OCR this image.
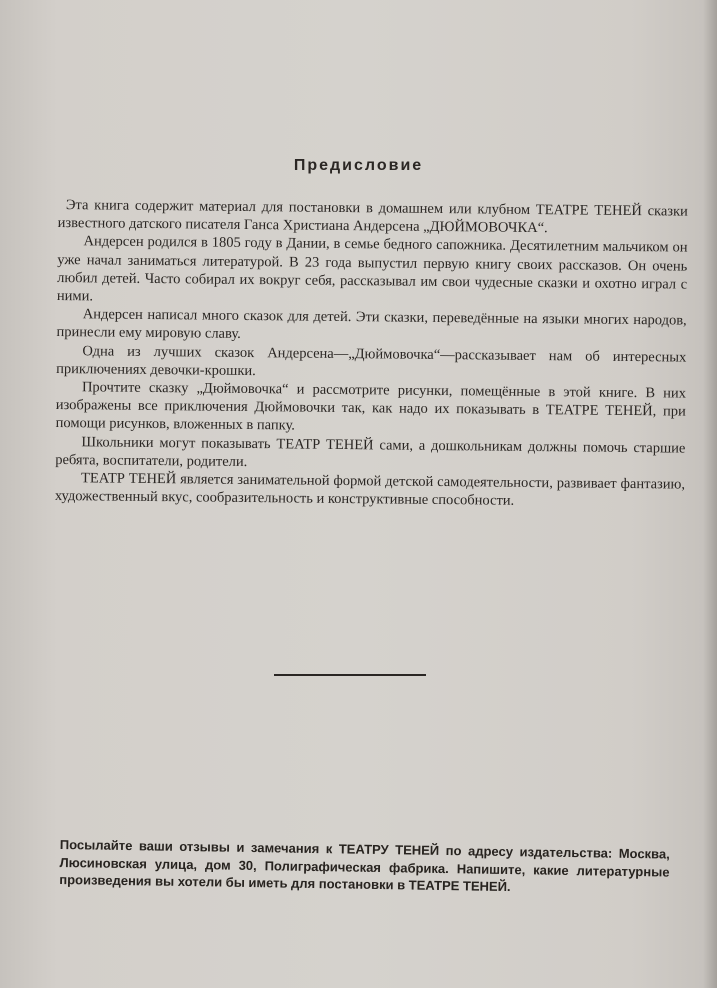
Предисловие

Эта книга содержит материал для постановки в домашнем или клубном ТЕАТРЕ ТЕНЕЙ сказки известного датского писателя Ганса Христиана Андерсена „ДЮЙМОВОЧКА“.

Андерсен родился в 1805 году в Дании, в семье бедного сапожника. Десятилетним мальчиком он уже начал заниматься литературой. В 23 года выпустил первую книгу своих рассказов. Он очень любил детей. Часто собирал их вокруг себя, рассказывал им свои чудесные сказки и охотно играл с ними.

Андерсен написал много сказок для детей. Эти сказки, переведённые на языки многих народов, принесли ему мировую славу.

Одна из лучших сказок Андерсена—„Дюймовочка“—рассказывает нам об интересных приключениях девочки-крошки.

Прочтите сказку „Дюймовочка“ и рассмотрите рисунки, помещённые в этой книге. В них изображены все приключения Дюймовочки так, как надо их показывать в ТЕАТРЕ ТЕНЕЙ, при помощи рисунков, вложенных в папку.

Школьники могут показывать ТЕАТР ТЕНЕЙ сами, а дошкольникам должны помочь старшие ребята, воспитатели, родители.

ТЕАТР ТЕНЕЙ является занимательной формой детской самодеятельности, развивает фантазию, художественный вкус, сообразительность и конструктивные способности.

Посылайте ваши отзывы и замечания к ТЕАТРУ ТЕНЕЙ по адресу издательства: Москва, Люсиновская улица, дом 30, Полиграфическая фабрика. Напишите, какие литературные произведения вы хотели бы иметь для постановки в ТЕАТРЕ ТЕНЕЙ.
